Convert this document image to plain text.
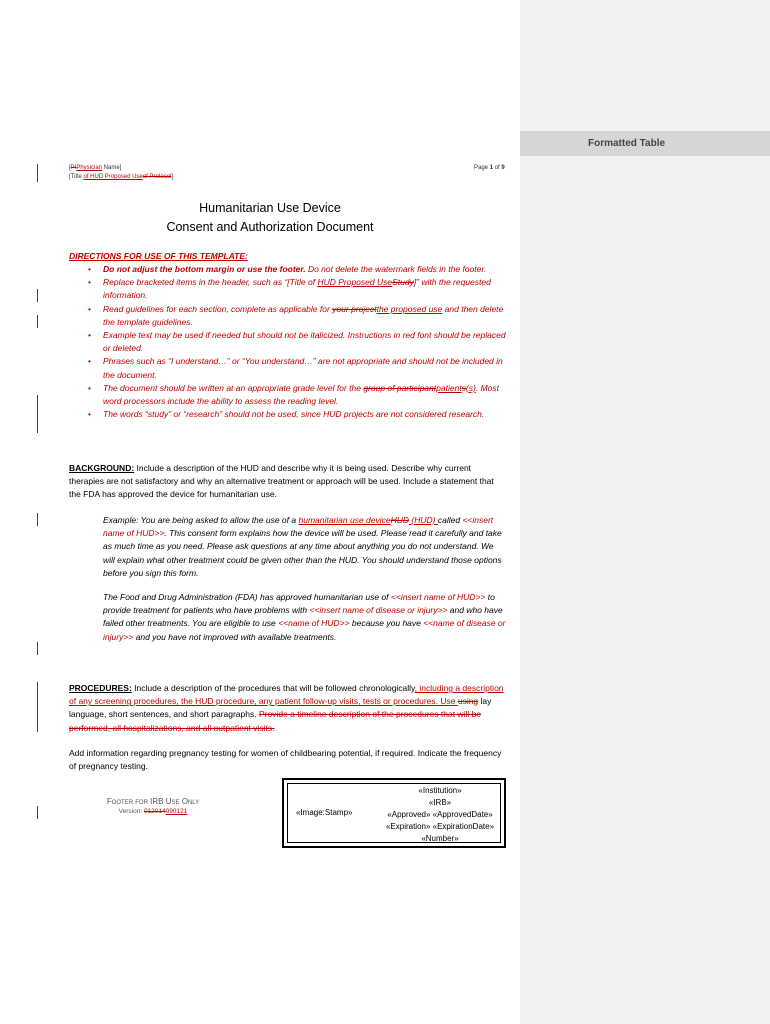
[PIPhysician Name]
[Title of HUD Proposed Useof Protocol]
Page 1 of 9
Humanitarian Use Device
Consent and Authorization Document
DIRECTIONS FOR USE OF THIS TEMPLATE:
• Do not adjust the bottom margin or use the footer. Do not delete the watermark fields in the footer.
• Replace bracketed items in the header, such as “[Title of HUD Proposed UseStudy]” with the requested information.
• Read guidelines for each section, complete as applicable for your projectthe proposed use and then delete the template guidelines.
• Example text may be used if needed but should not be italicized. Instructions in red font should be replaced or deleted.
• Phrases such as “I understand…” or “You understand…” are not appropriate and should not be included in the document.
• The document should be written at an appropriate grade level for the group of participantpatients(s). Most word processors include the ability to assess the reading level.
• The words “study” or “research” should not be used, since HUD projects are not considered research.
BACKGROUND: Include a description of the HUD and describe why it is being used. Describe why current therapies are not satisfactory and why an alternative treatment or approach will be used. Include a statement that the FDA has approved the device for humanitarian use.
Example: You are being asked to allow the use of a humanitarian use deviceHUD (HUD) called <<insert name of HUD>>. This consent form explains how the device will be used. Please read it carefully and take as much time as you need. Please ask questions at any time about anything you do not understand. We will explain what other treatment could be given other than the HUD. You should understand those options before you sign this form.
The Food and Drug Administration (FDA) has approved humanitarian use of <<insert name of HUD>> to provide treatment for patients who have problems with <<insert name of disease or injury>> and who have failed other treatments. You are eligible to use <<name of HUD>> because you have <<name of disease or injury>> and you have not improved with available treatments.
PROCEDURES: Include a description of the procedures that will be followed chronologically, including a description of any screening procedures, the HUD procedure, any patient follow-up visits, tests or procedures. Use using lay language, short sentences, and short paragraphs. Provide a timeline description of the procedures that will be performed, all hospitalizations, and all outpatient visits.
Add information regarding pregnancy testing for women of childbearing potential, if required. Indicate the frequency of pregnancy testing.
Footer for IRB Use Only
Version: 012014090121	«Image:Stamp»
«Institution»
«IRB»
«Approved» «ApprovedDate»
«Expiration» «ExpirationDate»
«Number»
Formatted Table
